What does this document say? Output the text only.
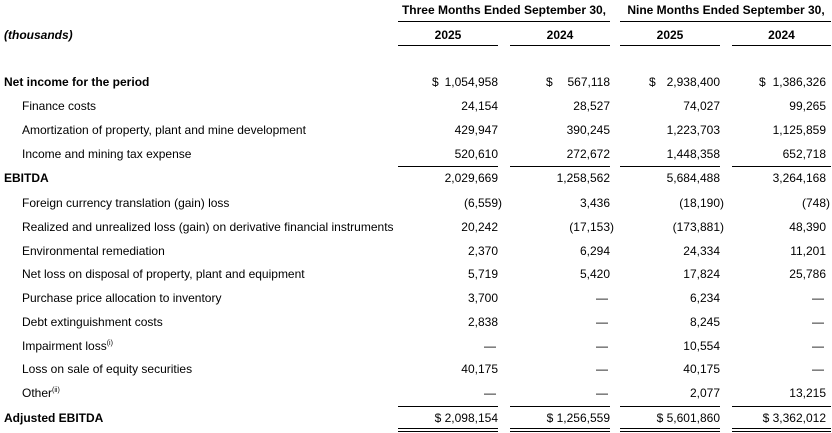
Three Months Ended September 30,	Nine Months Ended September 30,
(thousands)	2025	2024	2025	2024
Net income for the period	$ 1,054,958	$ 567,118	$ 2,938,400	$ 1,386,326
Finance costs	24,154	28,527	74,027	99,265
Amortization of property, plant and mine development	429,947	390,245	1,223,703	1,125,859
Income and mining tax expense	520,610	272,672	1,448,358	652,718
EBITDA	2,029,669	1,258,562	5,684,488	3,264,168
Foreign currency translation (gain) loss	(6,559)	3,436	(18,190)	(748)
Realized and unrealized loss (gain) on derivative financial instruments	20,242	(17,153)	(173,881)	48,390
Environmental remediation	2,370	6,294	24,334	11,201
Net loss on disposal of property, plant and equipment	5,719	5,420	17,824	25,786
Purchase price allocation to inventory	3,700	—	6,234	—
Debt extinguishment costs	2,838	—	8,245	—
Impairment loss$^{(i)}$	—	—	10,554	—
Loss on sale of equity securities	40,175	—	40,175	—
Other$^{(ii)}$	—	—	2,077	13,215
Adjusted EBITDA	$ 2,098,154	$ 1,256,559	$ 5,601,860	$ 3,362,012
